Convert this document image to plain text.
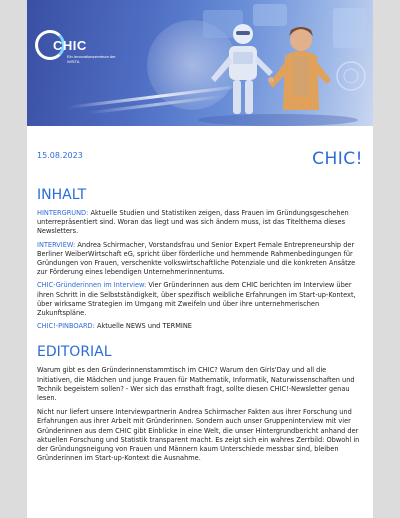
CHIC
Ein Innovationszentrum der WISTA
15.08.2023	CHIC!
INHALT

HINTERGRUND: Aktuelle Studien und Statistiken zeigen, dass Frauen im Gründungsgeschehen unterrepräsentiert sind. Woran das liegt und was sich ändern muss, ist das Titelthema dieses Newsletters.

INTERVIEW: Andrea Schirmacher, Vorstandsfrau und Senior Expert Female Entrepreneurship der Berliner WeiberWirtschaft eG, spricht über förderliche und hemmende Rahmenbedingungen für Gründungen von Frauen, verschenkte volkswirtschaftliche Potenziale und die konkreten Ansätze zur Förderung eines lebendigen Unternehmerinnentums.

CHIC-Gründerinnen im Interview: Vier Gründerinnen aus dem CHIC berichten im Interview über ihren Schritt in die Selbstständigkeit, über spezifisch weibliche Erfahrungen im Start-up-Kontext, über wirksame Strategien im Umgang mit Zweifeln und über ihre unternehmerischen Zukunftspläne.

CHIC!-PINBOARD: Aktuelle NEWS und TERMINE

EDITORIAL

Warum gibt es den Gründerinnenstammtisch im CHIC? Warum den Girls'Day und all die Initiativen, die Mädchen und junge Frauen für Mathematik, Informatik, Naturwissenschaften und Technik begeistern sollen? - Wer sich das ernsthaft fragt, sollte diesen CHIC!-Newsletter genau lesen.

Nicht nur liefert unsere Interviewpartnerin Andrea Schirmacher Fakten aus ihrer Forschung und Erfahrungen aus ihrer Arbeit mit Gründerinnen. Sondern auch unser Gruppeninterview mit vier Gründerinnen aus dem CHIC gibt Einblicke in eine Welt, die unser Hintergrundbericht anhand der aktuellen Forschung und Statistik transparent macht. Es zeigt sich ein wahres Zerrbild: Obwohl in der Gründungsneigung von Frauen und Männern kaum Unterschiede messbar sind, bleiben Gründerinnen im Start-up-Kontext die Ausnahme.
